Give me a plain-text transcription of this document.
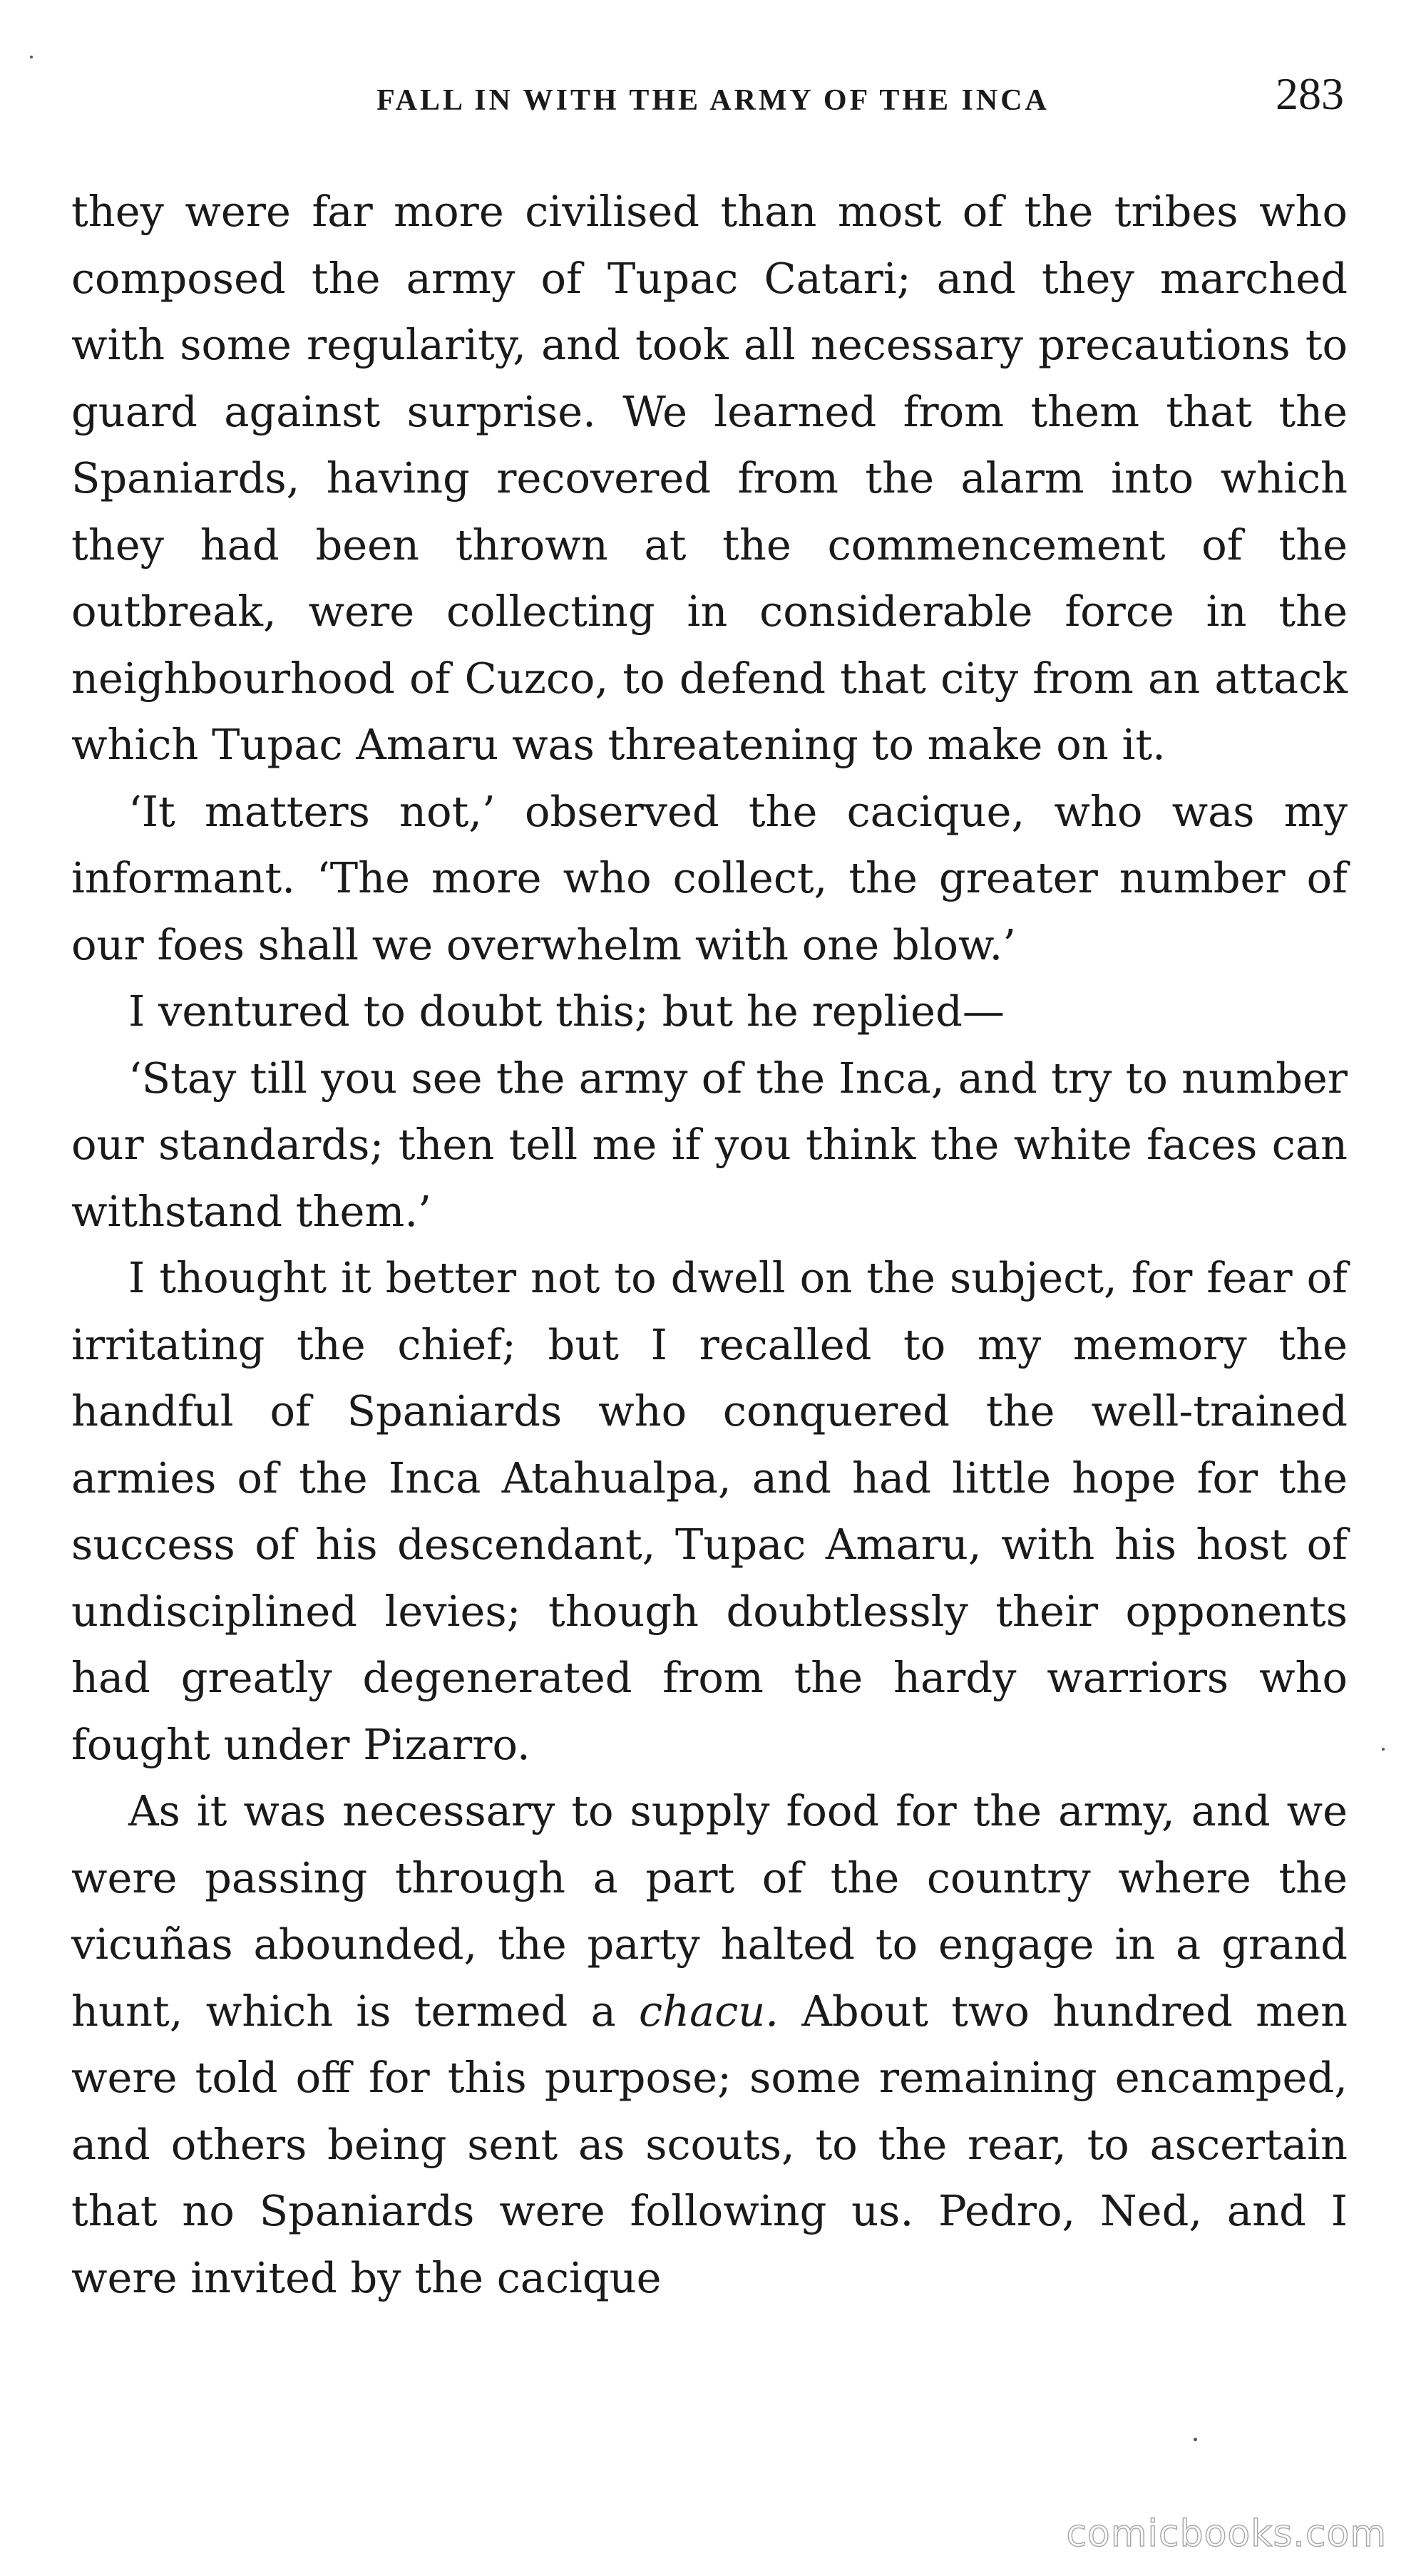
FALL IN WITH THE ARMY OF THE INCA	283

they were far more civilised than most of the tribes who composed the army of Tupac Catari; and they marched with some regularity, and took all necessary precautions to guard against surprise. We learned from them that the Spaniards, having recovered from the alarm into which they had been thrown at the commencement of the outbreak, were collecting in considerable force in the neighbourhood of Cuzco, to defend that city from an attack which Tupac Amaru was threatening to make on it.

‘It matters not,’ observed the cacique, who was my informant. ‘The more who collect, the greater number of our foes shall we overwhelm with one blow.’

I ventured to doubt this; but he replied—

‘Stay till you see the army of the Inca, and try to number our standards; then tell me if you think the white faces can withstand them.’

I thought it better not to dwell on the subject, for fear of irritating the chief; but I recalled to my memory the handful of Spaniards who conquered the well-trained armies of the Inca Atahualpa, and had little hope for the success of his descendant, Tupac Amaru, with his host of undisciplined levies; though doubtlessly their opponents had greatly degenerated from the hardy warriors who fought under Pizarro.

As it was necessary to supply food for the army, and we were passing through a part of the country where the vicuñas abounded, the party halted to engage in a grand hunt, which is termed a chacu. About two hundred men were told off for this purpose; some remaining encamped, and others being sent as scouts, to the rear, to ascertain that no Spaniards were following us. Pedro, Ned, and I were invited by the cacique

comicbooks.com
